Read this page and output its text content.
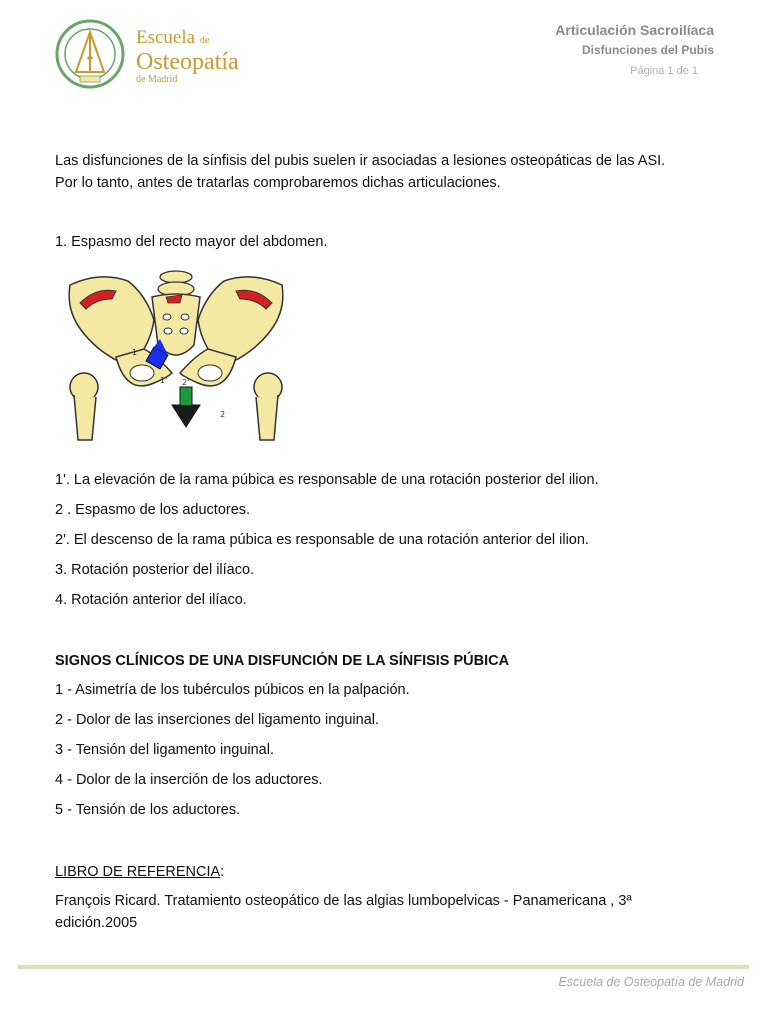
Escuela de
Osteopatía
de Madrid
Articulación Sacroilíaca
Disfunciones del Pubis
Página 1 de 1

Las disfunciones de la sínfisis del pubis suelen ir asociadas a lesiones osteopáticas de las ASI.

Por lo tanto, antes de tratarlas comprobaremos dichas articulaciones.

1. Espasmo del recto mayor del abdomen.

1
1'
2
2'

1'. La elevación de la rama púbica es responsable de una rotación posterior del ilion.

2 . Espasmo de los aductores.

2'. El descenso de la rama púbica es responsable de una rotación anterior del ilion.

3. Rotación posterior del ilíaco.

4. Rotación anterior del ilíaco.

SIGNOS CLÍNICOS DE UNA DISFUNCIÓN DE LA SÍNFISIS PÚBICA

1 - Asimetría de los tubérculos púbicos en la palpación.

2 - Dolor de las inserciones del ligamento inguinal.

3 - Tensión del ligamento inguinal.

4 - Dolor de la inserción de los aductores.

5 - Tensión de los aductores.

LIBRO DE REFERENCIA:

François Ricard. Tratamiento osteopático de las algias lumbopelvicas - Panamericana , 3ª edición.2005

Escuela de Osteopatía de Madrid
